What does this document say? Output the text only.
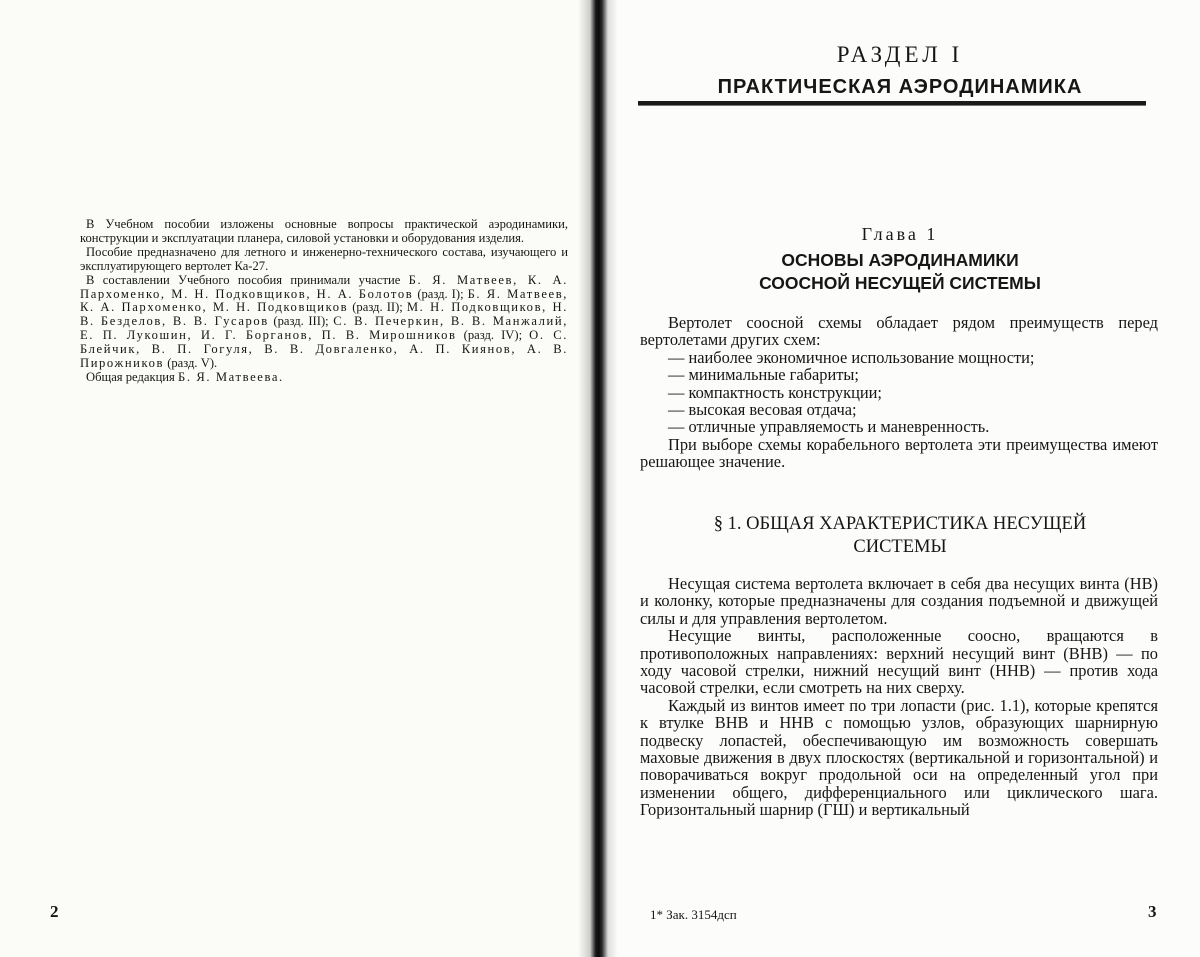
В Учебном пособии изложены основные вопросы практической аэродинамики, конструкции и эксплуатации планера, силовой установки и оборудования изделия.

Пособие предназначено для летного и инженерно-технического состава, изучающего и эксплуатирующего вертолет Ка-27.

В составлении Учебного пособия принимали участие Б. Я. Матвеев, К. А. Пархоменко, М. Н. Подковщиков, Н. А. Болотов (разд. I); Б. Я. Матвеев, К. А. Пархоменко, М. Н. Подковщиков (разд. II); М. Н. Подковщиков, Н. В. Безделов, В. В. Гусаров (разд. III); С. В. Печеркин, В. В. Манжалий, Е. П. Лукошин, И. Г. Борганов, П. В. Мирошников (разд. IV); О. С. Блейчик, В. П. Гогуля, В. В. Довгаленко, А. П. Киянов, А. В. Пирожников (разд. V).

Общая редакция Б. Я. Матвеева.

2
РАЗДЕЛ I
ПРАКТИЧЕСКАЯ АЭРОДИНАМИКА
Глава 1
ОСНОВЫ АЭРОДИНАМИКИ
СООСНОЙ НЕСУЩЕЙ СИСТЕМЫ

Вертолет соосной схемы обладает рядом преимуществ перед вертолетами других схем:

— наиболее экономичное использование мощности;

— минимальные габариты;

— компактность конструкции;

— высокая весовая отдача;

— отличные управляемость и маневренность.

При выборе схемы корабельного вертолета эти преимущества имеют решающее значение.

§ 1. ОБЩАЯ ХАРАКТЕРИСТИКА НЕСУЩЕЙ
СИСТЕМЫ

Несущая система вертолета включает в себя два несущих винта (НВ) и колонку, которые предназначены для создания подъемной и движущей силы и для управления вертолетом.

Несущие винты, расположенные соосно, вращаются в противоположных направлениях: верхний несущий винт (ВНВ) — по ходу часовой стрелки, нижний несущий винт (ННВ) — против хода часовой стрелки, если смотреть на них сверху.

Каждый из винтов имеет по три лопасти (рис. 1.1), которые крепятся к втулке ВНВ и ННВ с помощью узлов, образующих шарнирную подвеску лопастей, обеспечивающую им возможность совершать маховые движения в двух плоскостях (вертикальной и горизонтальной) и поворачиваться вокруг продольной оси на определенный угол при изменении общего, дифференциального или циклического шага. Горизонтальный шарнир (ГШ) и вертикальный

1* Зак. 3154дсп	3
